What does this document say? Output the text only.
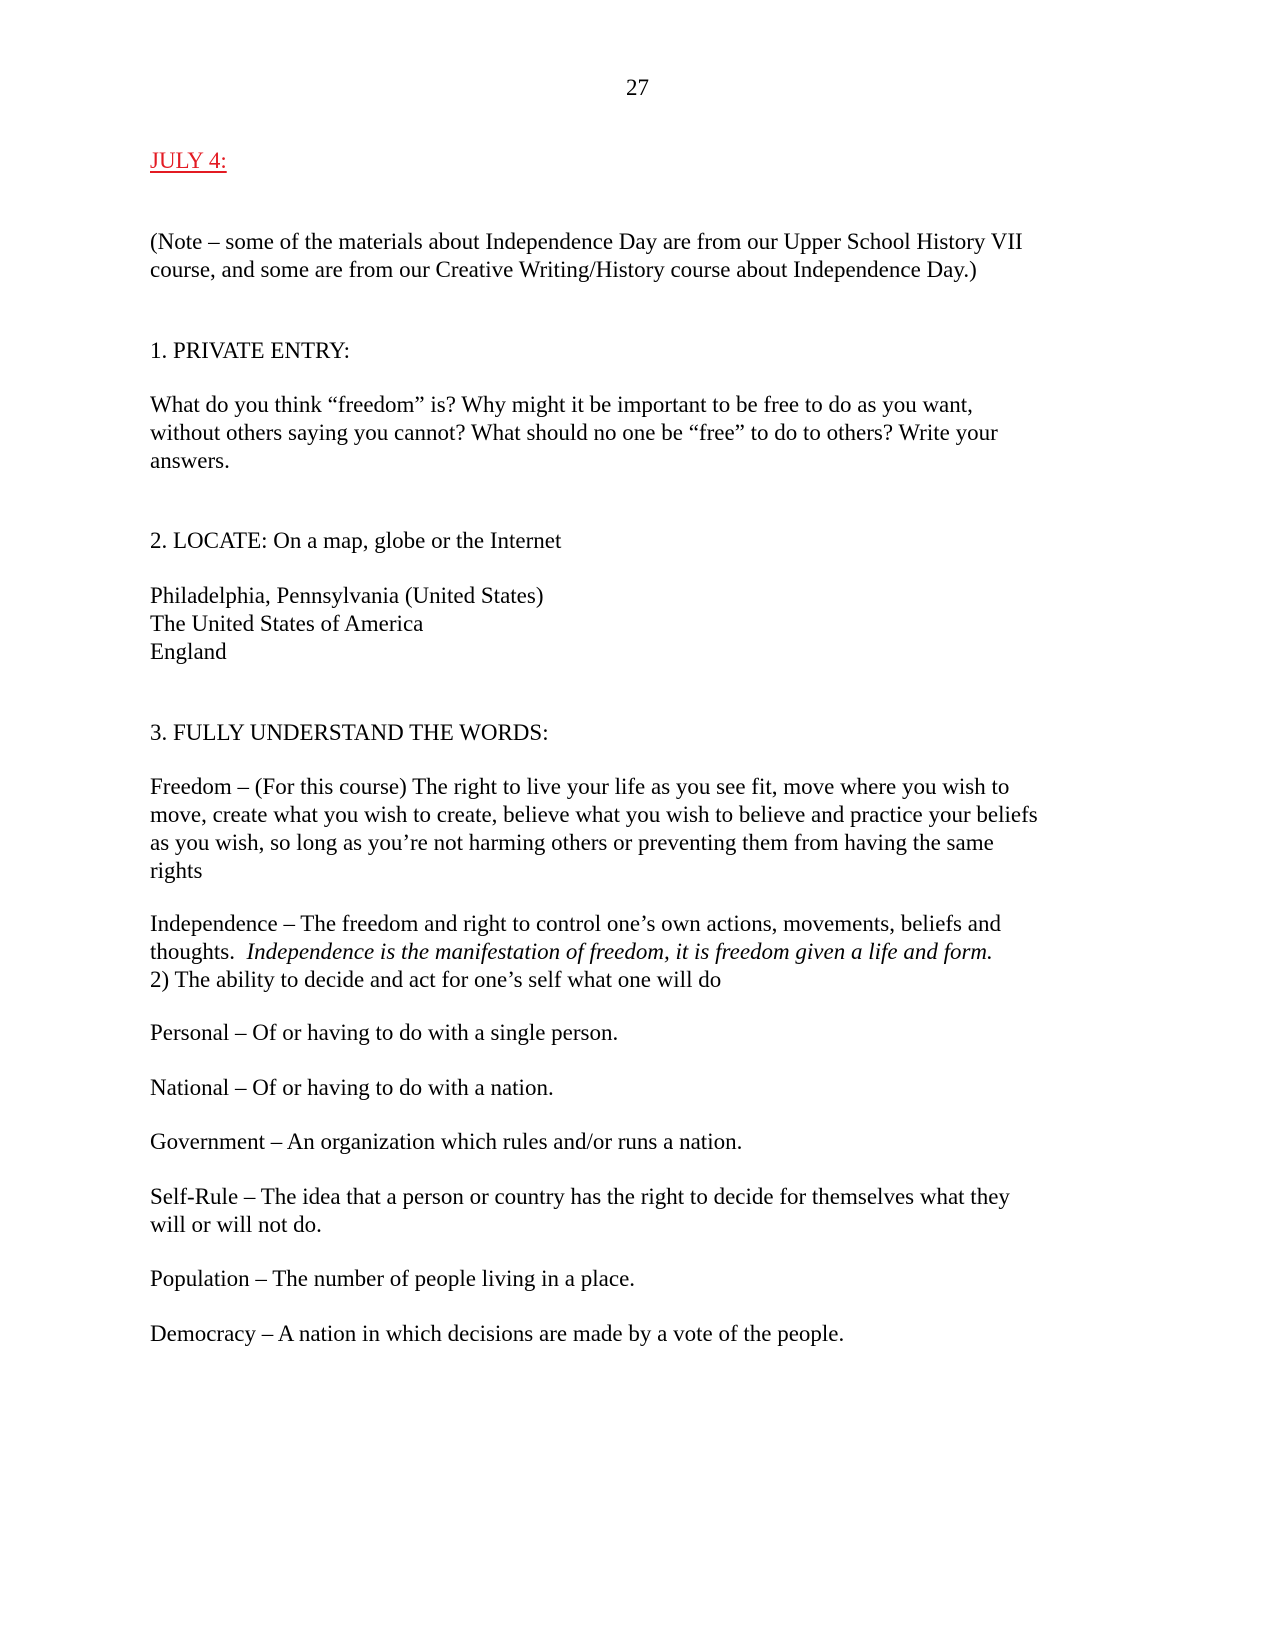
27
JULY 4:
(Note – some of the materials about Independence Day are from our Upper School History VII
course, and some are from our Creative Writing/History course about Independence Day.)
1. PRIVATE ENTRY:
What do you think “freedom” is? Why might it be important to be free to do as you want,
without others saying you cannot? What should no one be “free” to do to others? Write your
answers.
2. LOCATE: On a map, globe or the Internet
Philadelphia, Pennsylvania (United States)
The United States of America
England
3. FULLY UNDERSTAND THE WORDS:
Freedom – (For this course) The right to live your life as you see fit, move where you wish to
move, create what you wish to create, believe what you wish to believe and practice your beliefs
as you wish, so long as you’re not harming others or preventing them from having the same
rights
Independence – The freedom and right to control one’s own actions, movements, beliefs and
thoughts.  Independence is the manifestation of freedom, it is freedom given a life and form.
2) The ability to decide and act for one’s self what one will do
Personal – Of or having to do with a single person.
National – Of or having to do with a nation.
Government – An organization which rules and/or runs a nation.
Self-Rule – The idea that a person or country has the right to decide for themselves what they
will or will not do.
Population – The number of people living in a place.
Democracy – A nation in which decisions are made by a vote of the people.
